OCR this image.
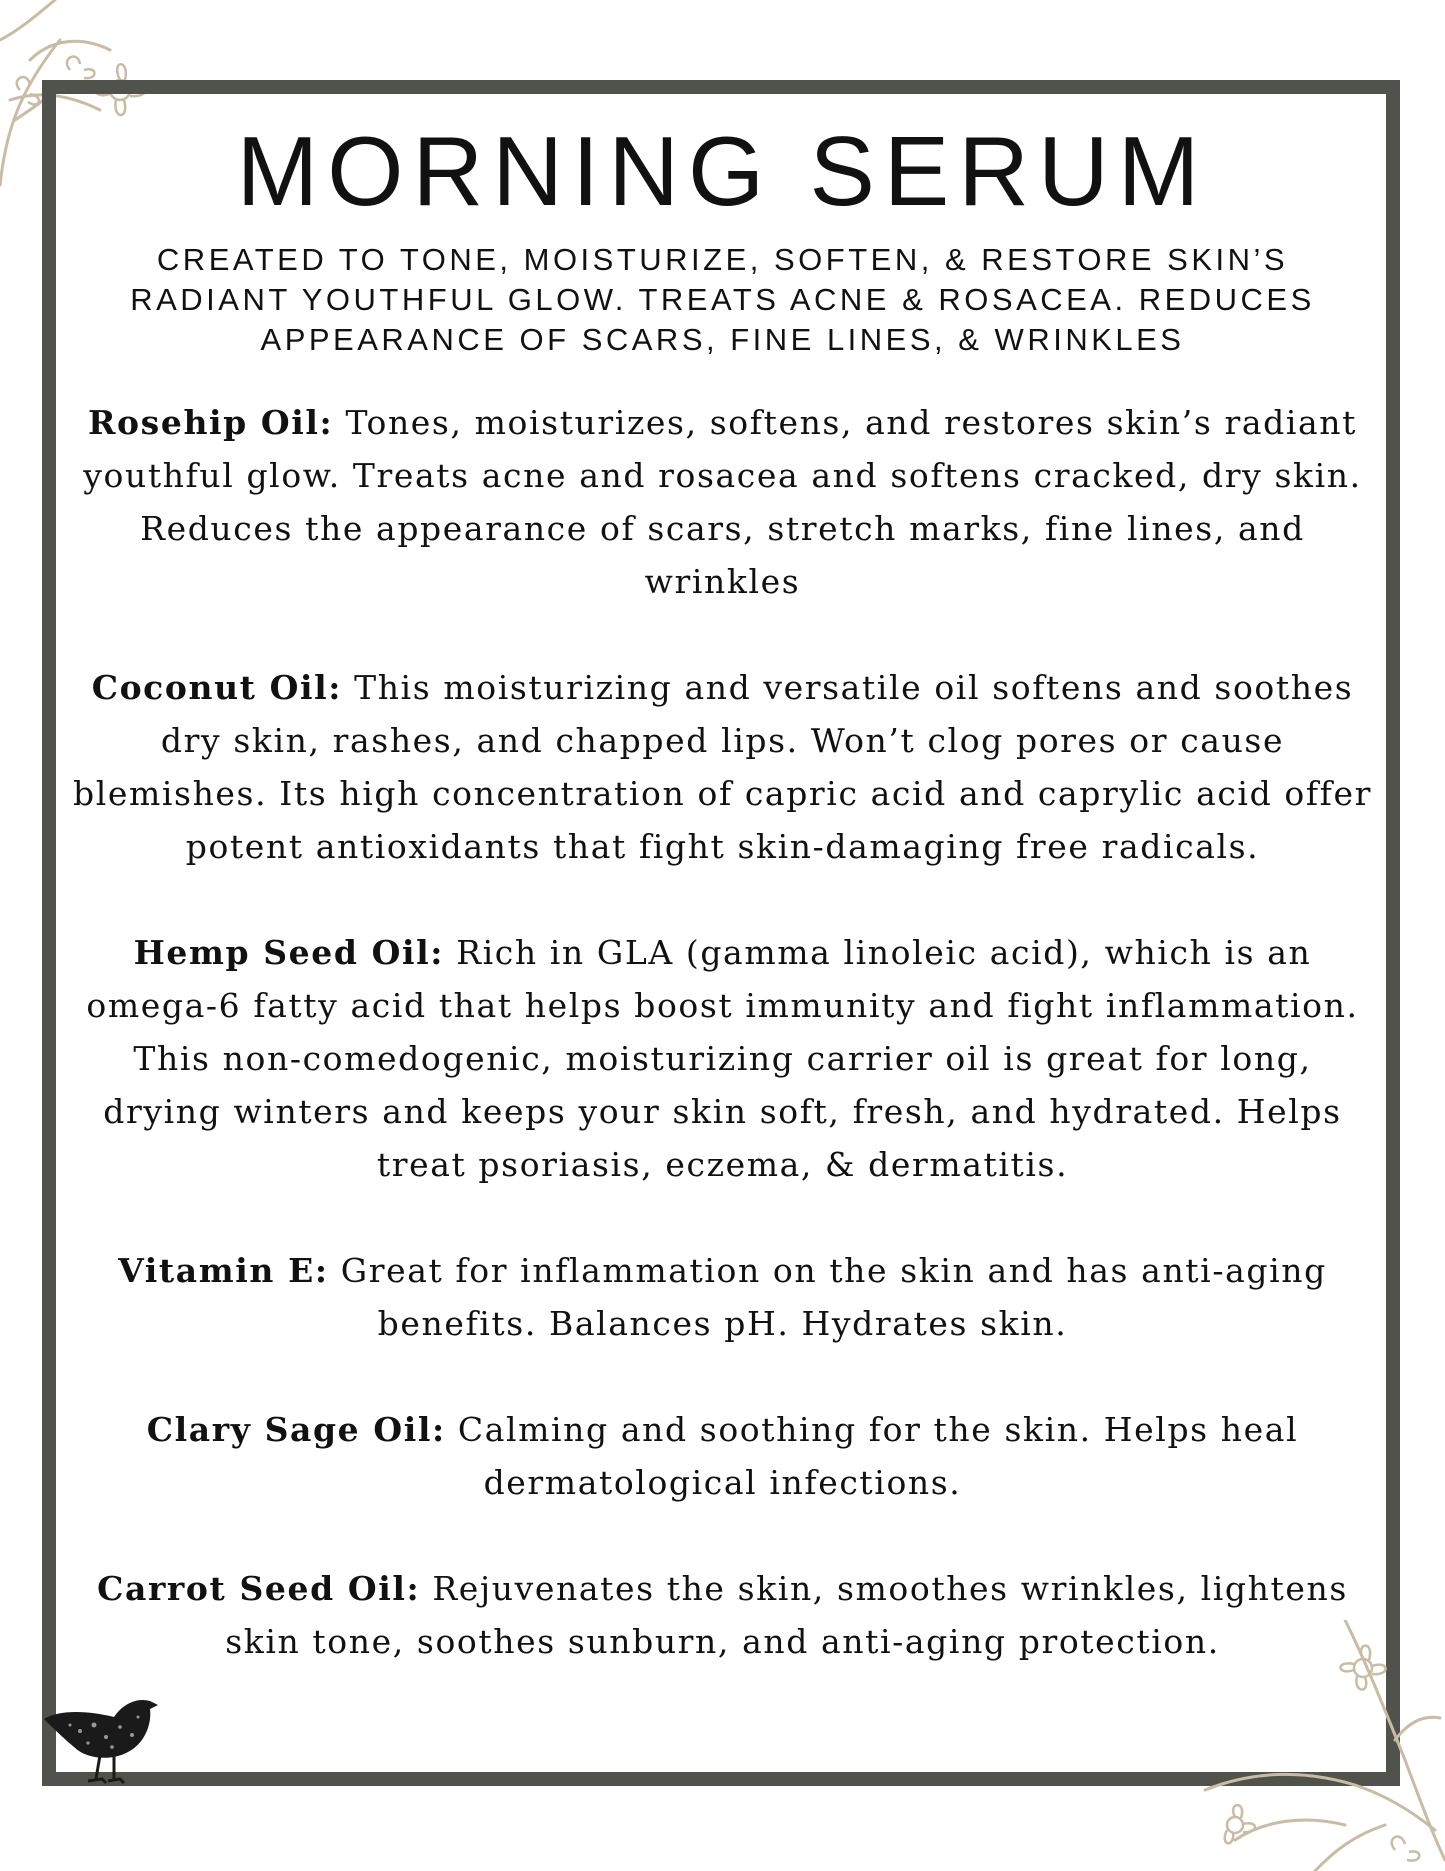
MORNING SERUM
CREATED TO TONE, MOISTURIZE, SOFTEN, & RESTORE SKIN’S
RADIANT YOUTHFUL GLOW. TREATS ACNE & ROSACEA. REDUCES
APPEARANCE OF SCARS, FINE LINES, & WRINKLES

Rosehip Oil: Tones, moisturizes, softens, and restores skin’s radiant youthful glow. Treats acne and rosacea and softens cracked, dry skin. Reduces the appearance of scars, stretch marks, fine lines, and wrinkles

Coconut Oil: This moisturizing and versatile oil softens and soothes dry skin, rashes, and chapped lips. Won’t clog pores or cause blemishes. Its high concentration of capric acid and caprylic acid offer potent antioxidants that fight skin-damaging free radicals.

Hemp Seed Oil: Rich in GLA (gamma linoleic acid), which is an omega-6 fatty acid that helps boost immunity and fight inflammation. This non-comedogenic, moisturizing carrier oil is great for long, drying winters and keeps your skin soft, fresh, and hydrated. Helps treat psoriasis, eczema, & dermatitis.

Vitamin E: Great for inflammation on the skin and has anti-aging benefits. Balances pH. Hydrates skin.

Clary Sage Oil: Calming and soothing for the skin. Helps heal dermatological infections.

Carrot Seed Oil: Rejuvenates the skin, smoothes wrinkles, lightens skin tone, soothes sunburn, and anti-aging protection.
